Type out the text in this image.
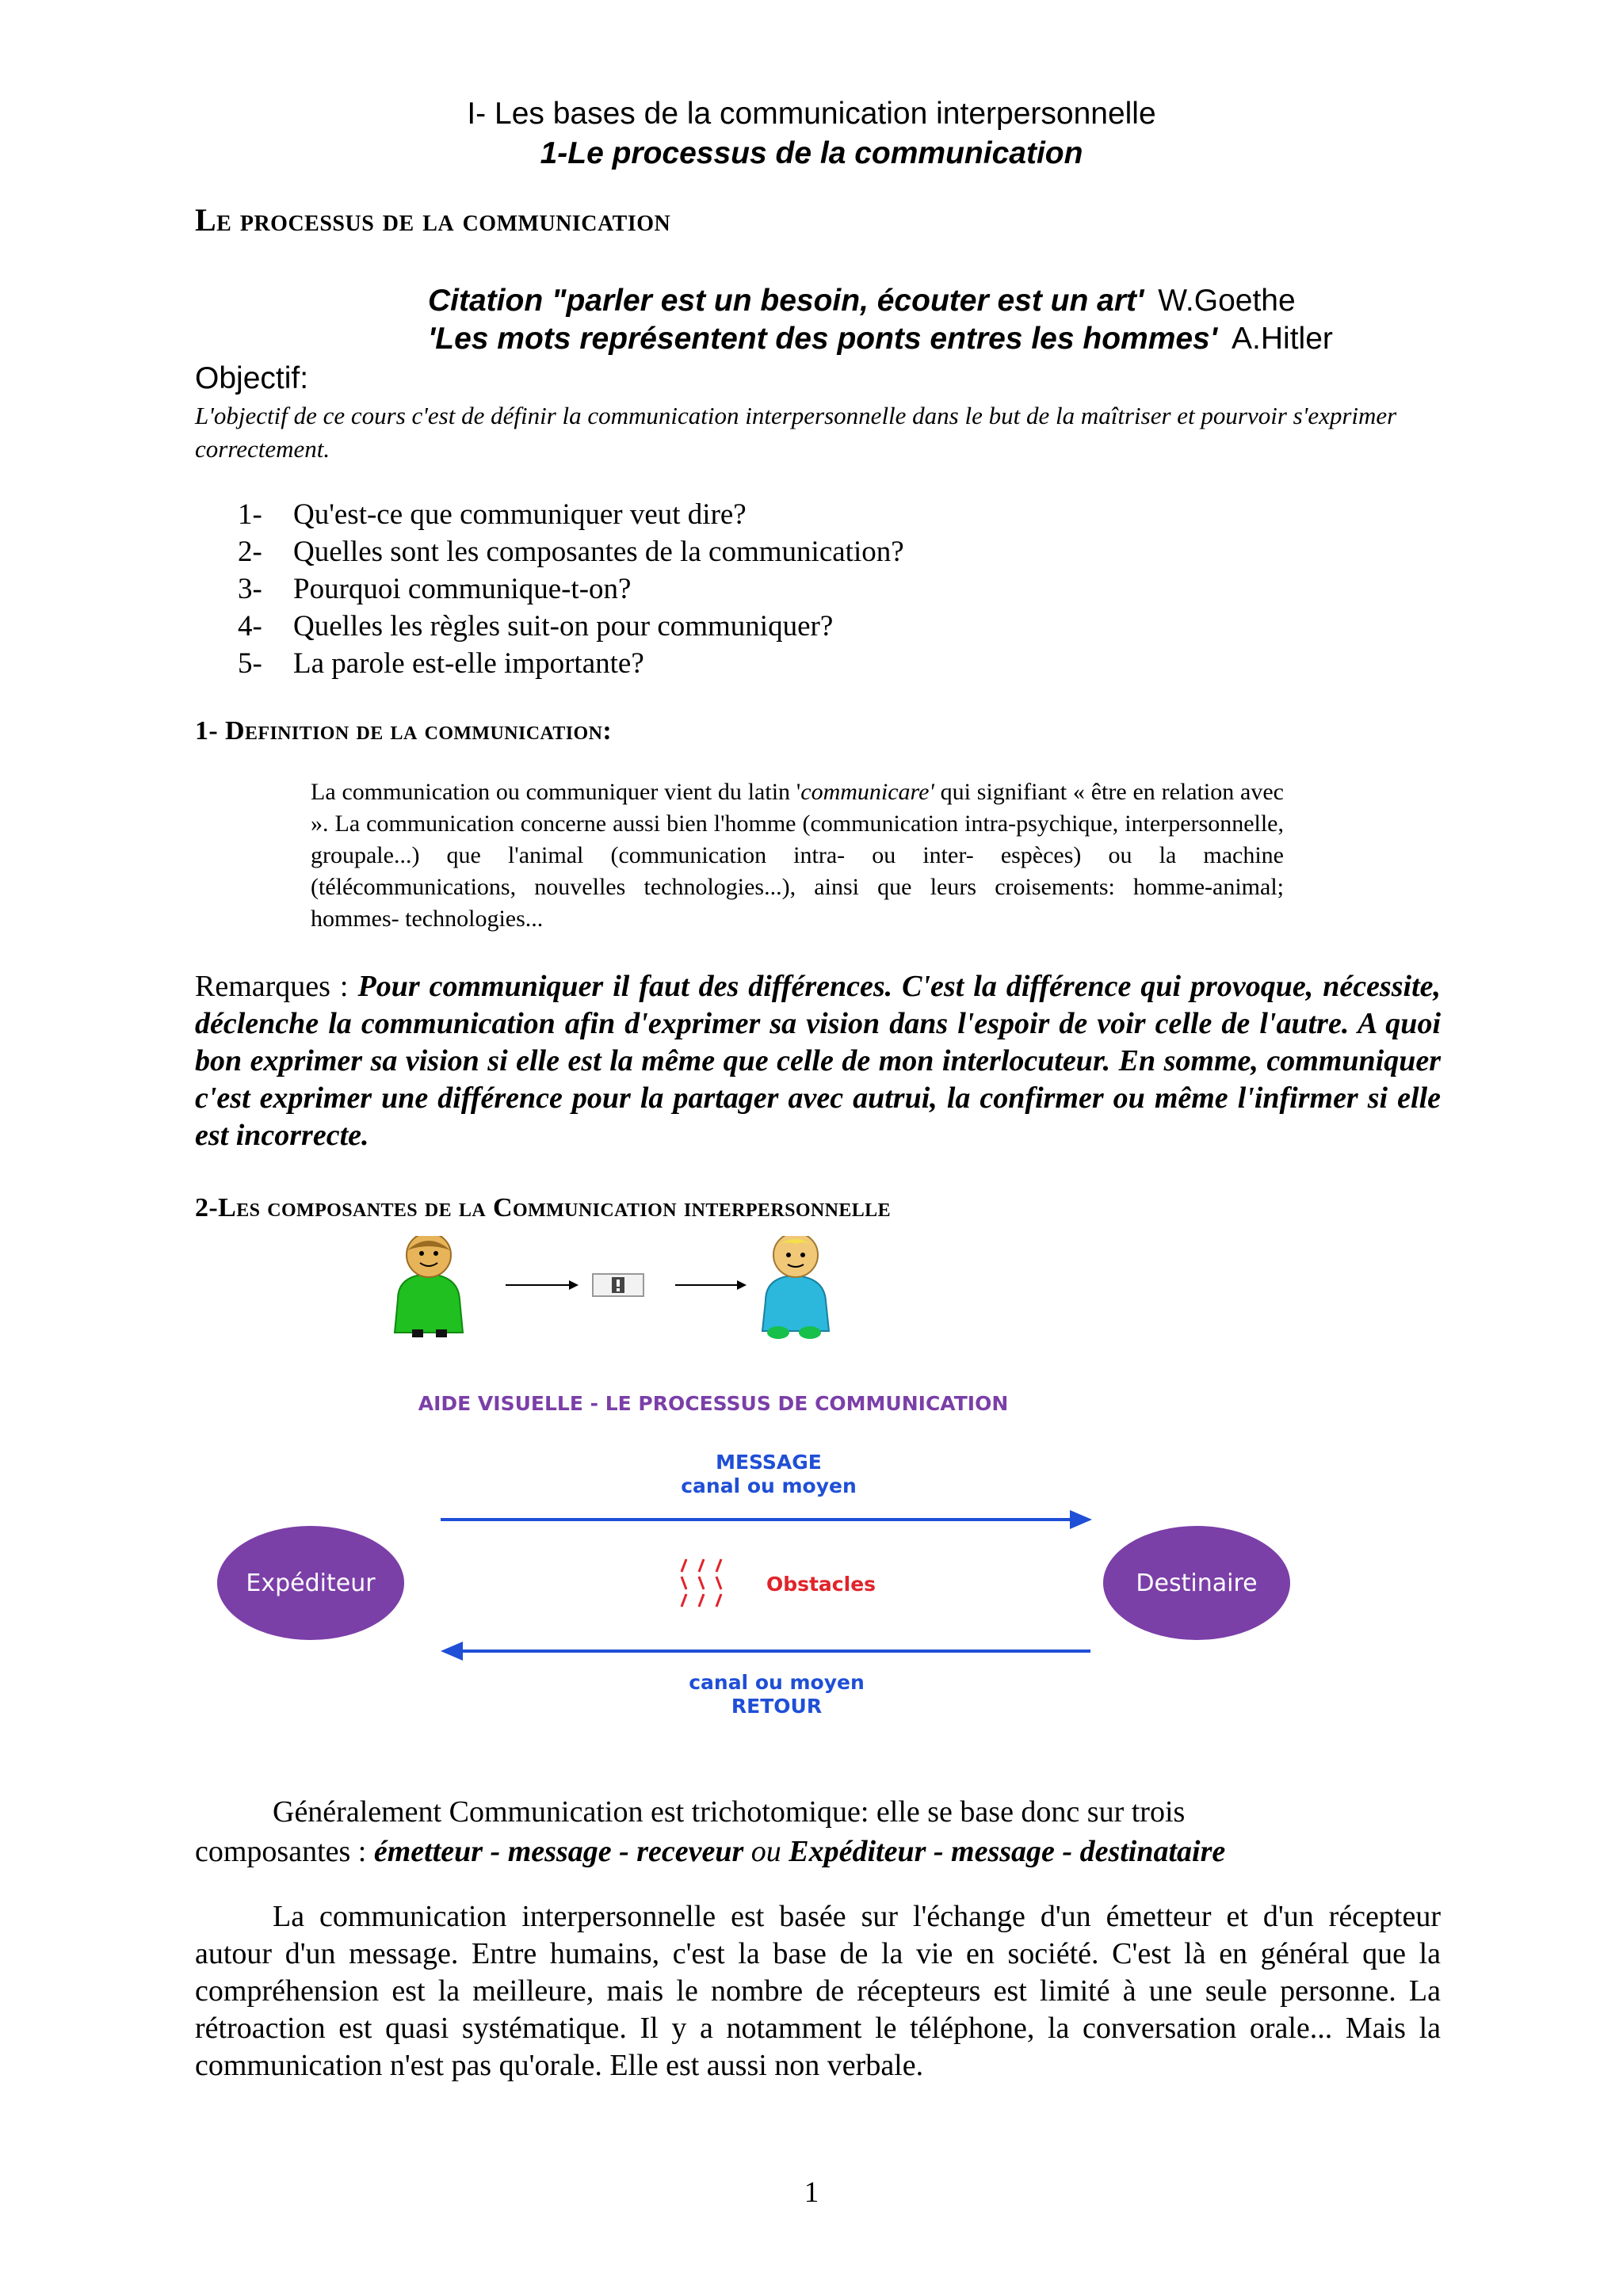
I- Les bases de la communication interpersonnelle
1-Le processus de la communication
Le processus de la communication
Citation "parler est un besoin, écouter est un art' W.Goethe
'Les mots représentent des ponts entres les hommes' A.Hitler
Objectif:
L'objectif de ce cours c'est de définir la communication interpersonnelle dans le but de la maîtriser et pourvoir s'exprimer correctement.
1- Qu'est-ce que communiquer veut dire?
2- Quelles sont les composantes de la communication?
3- Pourquoi communique-t-on?
4- Quelles les règles suit-on pour communiquer?
5- La parole est-elle importante?
1- Definition de la communication:
La communication ou communiquer vient du latin 'communicare' qui signifiant « être en relation avec ». La communication concerne aussi bien l'homme (communication intra-psychique, interpersonnelle, groupale...) que l'animal (communication intra- ou inter- espèces) ou la machine (télécommunications, nouvelles technologies...), ainsi que leurs croisements: homme-animal; hommes- technologies...
Remarques : Pour communiquer il faut des différences. C'est la différence qui provoque, nécessite, déclenche la communication afin d'exprimer sa vision dans l'espoir de voir celle de l'autre. A quoi bon exprimer sa vision si elle est la même que celle de mon interlocuteur. En somme, communiquer c'est exprimer une différence pour la partager avec autrui, la confirmer ou même l'infirmer si elle est incorrecte.
2-Les composantes de la Communication interpersonnelle
AIDE VISUELLE - LE PROCESSUS DE COMMUNICATION
MESSAGE
canal ou moyen
Expéditeur	Destinaire
Obstacles
canal ou moyen
RETOUR
Généralement Communication est trichotomique: elle se base donc sur trois
composantes : émetteur - message - receveur ou Expéditeur - message - destinataire
La communication interpersonnelle est basée sur l'échange d'un émetteur et d'un récepteur autour d'un message. Entre humains, c'est la base de la vie en société. C'est là en général que la compréhension est la meilleure, mais le nombre de récepteurs est limité à une seule personne. La rétroaction est quasi systématique. Il y a notamment le téléphone, la conversation orale... Mais la communication n'est pas qu'orale. Elle est aussi non verbale.
1
